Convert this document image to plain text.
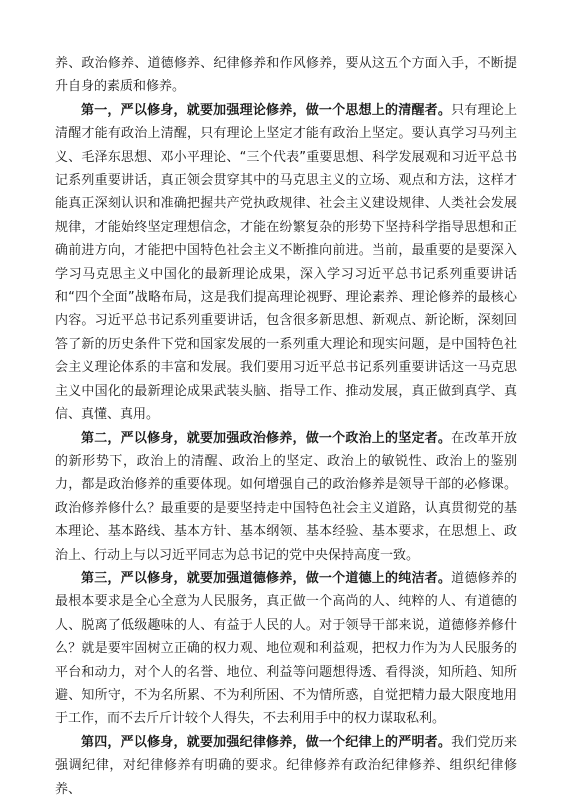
养、政治修养、道德修养、纪律修养和作风修养，要从这五个方面入手，不断提升自身的素质和修养。

第一，严以修身，就要加强理论修养，做一个思想上的清醒者。只有理论上清醒才能有政治上清醒，只有理论上坚定才能有政治上坚定。要认真学习马列主义、毛泽东思想、邓小平理论、“三个代表”重要思想、科学发展观和习近平总书记系列重要讲话，真正领会贯穿其中的马克思主义的立场、观点和方法，这样才能真正深刻认识和准确把握共产党执政规律、社会主义建设规律、人类社会发展规律，才能始终坚定理想信念，才能在纷繁复杂的形势下坚持科学指导思想和正确前进方向，才能把中国特色社会主义不断推向前进。当前，最重要的是要深入学习马克思主义中国化的最新理论成果，深入学习习近平总书记系列重要讲话和“四个全面”战略布局，这是我们提高理论视野、理论素养、理论修养的最核心内容。习近平总书记系列重要讲话，包含很多新思想、新观点、新论断，深刻回答了新的历史条件下党和国家发展的一系列重大理论和现实问题，是中国特色社会主义理论体系的丰富和发展。我们要用习近平总书记系列重要讲话这一马克思主义中国化的最新理论成果武装头脑、指导工作、推动发展，真正做到真学、真信、真懂、真用。

第二，严以修身，就要加强政治修养，做一个政治上的坚定者。在改革开放的新形势下，政治上的清醒、政治上的坚定、政治上的敏锐性、政治上的鉴别力，都是政治修养的重要体现。如何增强自己的政治修养是领导干部的必修课。政治修养修什么？最重要的是要坚持走中国特色社会主义道路，认真贯彻党的基本理论、基本路线、基本方针、基本纲领、基本经验、基本要求，在思想上、政治上、行动上与以习近平同志为总书记的党中央保持高度一致。

第三，严以修身，就要加强道德修养，做一个道德上的纯洁者。道德修养的最根本要求是全心全意为人民服务，真正做一个高尚的人、纯粹的人、有道德的人、脱离了低级趣味的人、有益于人民的人。对于领导干部来说，道德修养修什么？就是要牢固树立正确的权力观、地位观和利益观，把权力作为为人民服务的平台和动力，对个人的名誉、地位、利益等问题想得透、看得淡，知所趋、知所避、知所守，不为名所累、不为利所困、不为情所惑，自觉把精力最大限度地用于工作，而不去斤斤计较个人得失，不去利用手中的权力谋取私利。

第四，严以修身，就要加强纪律修养，做一个纪律上的严明者。我们党历来强调纪律，对纪律修养有明确的要求。纪律修养有政治纪律修养、组织纪律修养、
